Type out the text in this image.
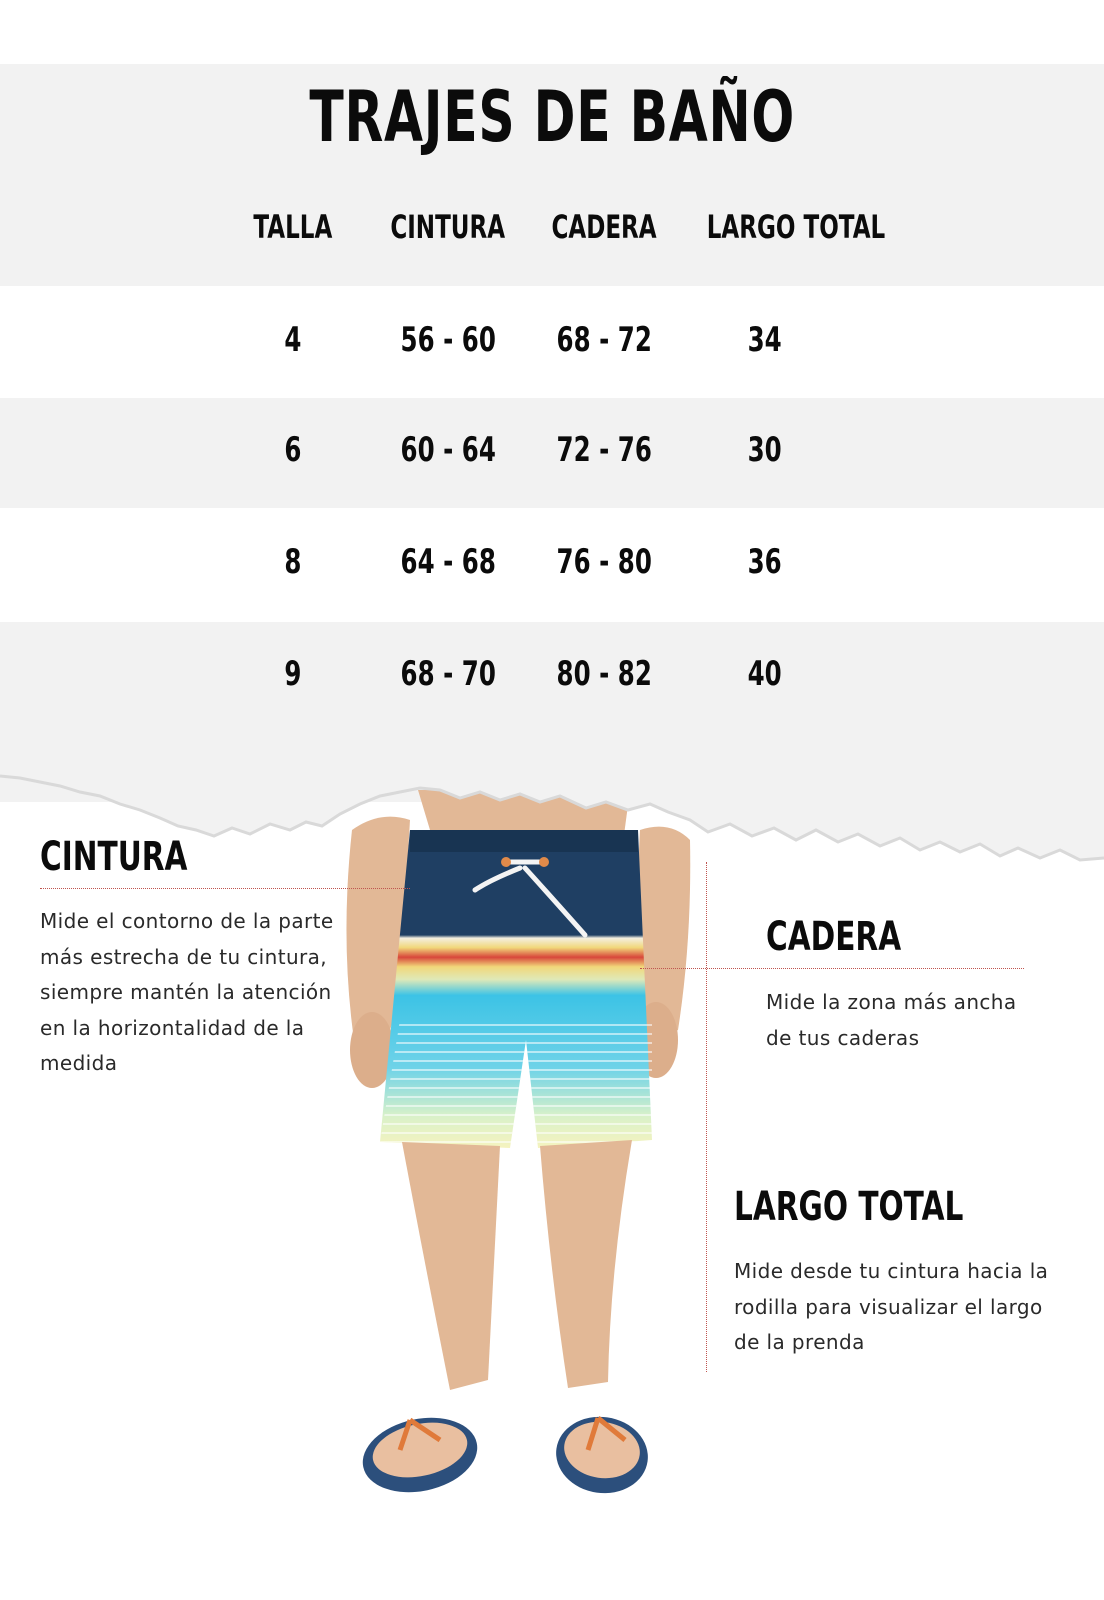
TRAJES DE BAÑO
TALLA	CINTURA	CADERA	LARGO TOTAL
4	56 - 60	68 - 72	34
6	60 - 64	72 - 76	30
8	64 - 68	76 - 80	36
9	68 - 70	80 - 82	40
CINTURA
Mide el contorno de la parte
más estrecha de tu cintura,
siempre mantén la atención
en la horizontalidad de la
medida
CADERA
Mide la zona más ancha
de tus caderas
LARGO TOTAL
Mide desde tu cintura hacia la
rodilla para visualizar el largo
de la prenda
